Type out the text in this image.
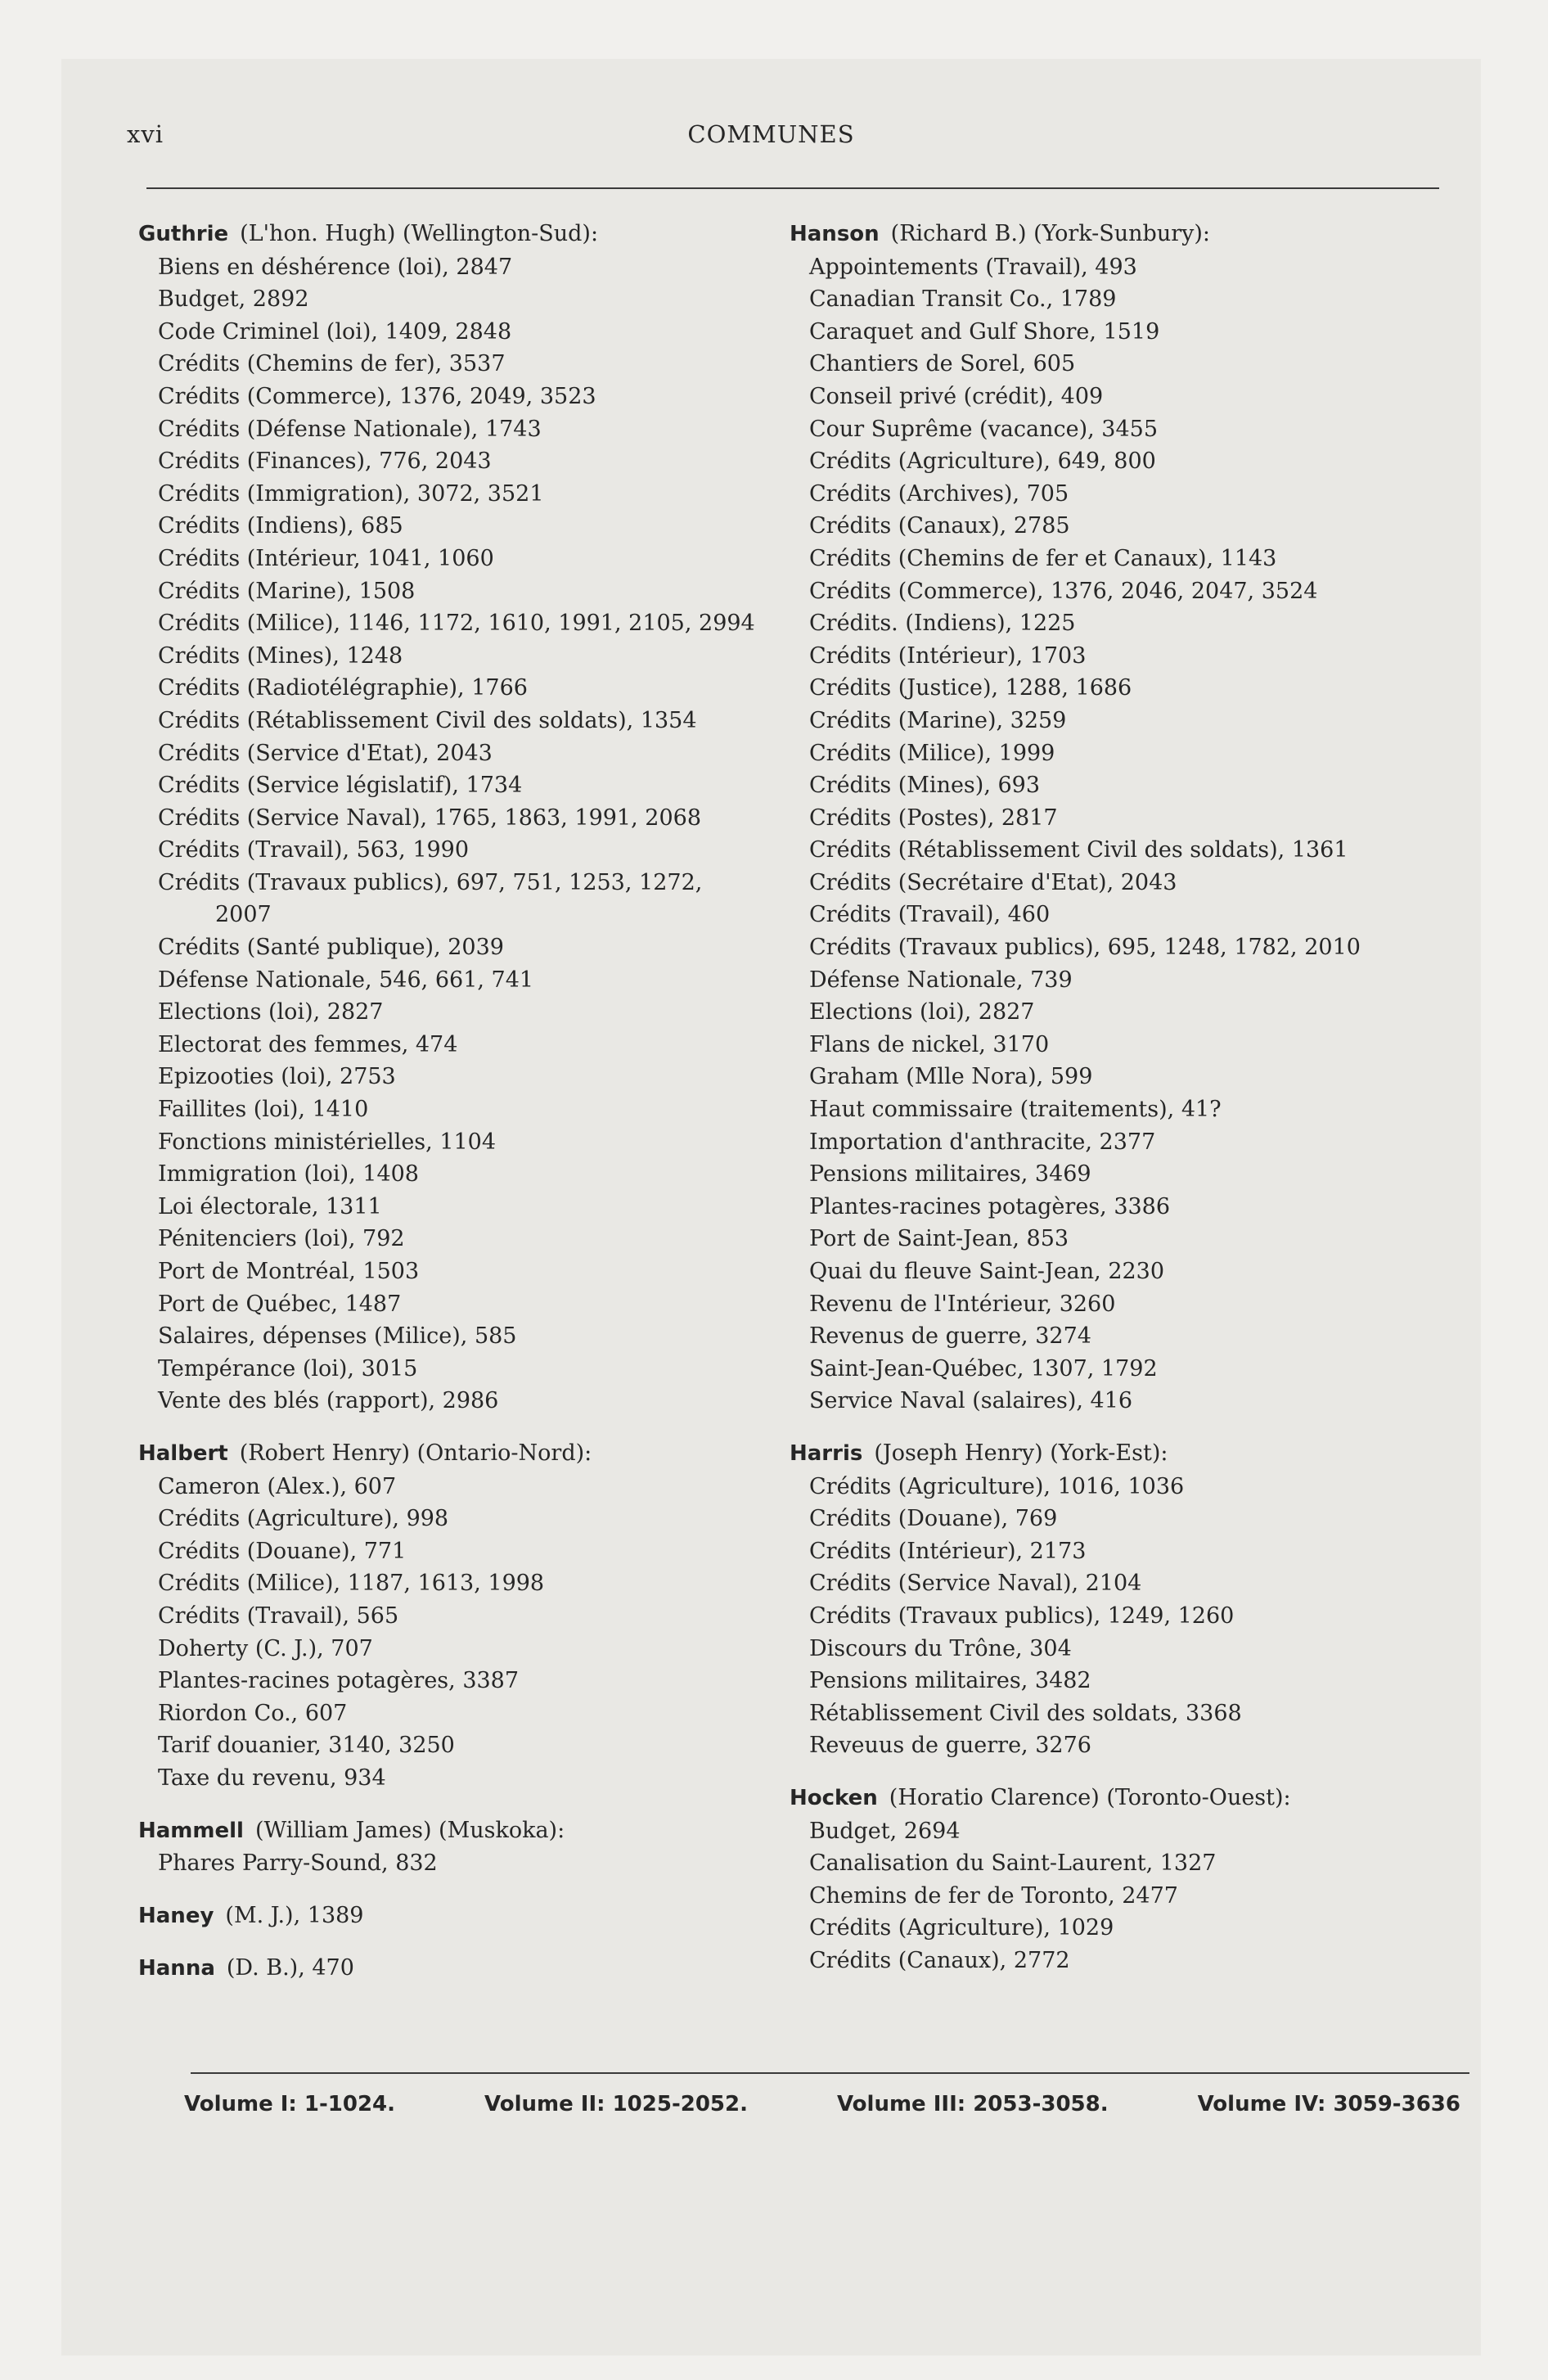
xvi	COMMUNES
Guthrie (L'hon. Hugh) (Wellington-Sud):
Biens en déshérence (loi), 2847
Budget, 2892
Code Criminel (loi), 1409, 2848
Crédits (Chemins de fer), 3537
Crédits (Commerce), 1376, 2049, 3523
Crédits (Défense Nationale), 1743
Crédits (Finances), 776, 2043
Crédits (Immigration), 3072, 3521
Crédits (Indiens), 685
Crédits (Intérieur, 1041, 1060
Crédits (Marine), 1508
Crédits (Milice), 1146, 1172, 1610, 1991, 2105, 2994
Crédits (Mines), 1248
Crédits (Radiotélégraphie), 1766
Crédits (Rétablissement Civil des soldats), 1354
Crédits (Service d'Etat), 2043
Crédits (Service législatif), 1734
Crédits (Service Naval), 1765, 1863, 1991, 2068
Crédits (Travail), 563, 1990
Crédits (Travaux publics), 697, 751, 1253, 1272, 2007
Crédits (Santé publique), 2039
Défense Nationale, 546, 661, 741
Elections (loi), 2827
Electorat des femmes, 474
Epizooties (loi), 2753
Faillites (loi), 1410
Fonctions ministérielles, 1104
Immigration (loi), 1408
Loi électorale, 1311
Pénitenciers (loi), 792
Port de Montréal, 1503
Port de Québec, 1487
Salaires, dépenses (Milice), 585
Tempérance (loi), 3015
Vente des blés (rapport), 2986
Halbert (Robert Henry) (Ontario-Nord):
Cameron (Alex.), 607
Crédits (Agriculture), 998
Crédits (Douane), 771
Crédits (Milice), 1187, 1613, 1998
Crédits (Travail), 565
Doherty (C. J.), 707
Plantes-racines potagères, 3387
Riordon Co., 607
Tarif douanier, 3140, 3250
Taxe du revenu, 934
Hammell (William James) (Muskoka):
Phares Parry-Sound, 832
Haney (M. J.), 1389
Hanna (D. B.), 470
Hanson (Richard B.) (York-Sunbury):
Appointements (Travail), 493
Canadian Transit Co., 1789
Caraquet and Gulf Shore, 1519
Chantiers de Sorel, 605
Conseil privé (crédit), 409
Cour Suprême (vacance), 3455
Crédits (Agriculture), 649, 800
Crédits (Archives), 705
Crédits (Canaux), 2785
Crédits (Chemins de fer et Canaux), 1143
Crédits (Commerce), 1376, 2046, 2047, 3524
Crédits. (Indiens), 1225
Crédits (Intérieur), 1703
Crédits (Justice), 1288, 1686
Crédits (Marine), 3259
Crédits (Milice), 1999
Crédits (Mines), 693
Crédits (Postes), 2817
Crédits (Rétablissement Civil des soldats), 1361
Crédits (Secrétaire d'Etat), 2043
Crédits (Travail), 460
Crédits (Travaux publics), 695, 1248, 1782, 2010
Défense Nationale, 739
Elections (loi), 2827
Flans de nickel, 3170
Graham (Mlle Nora), 599
Haut commissaire (traitements), 41?
Importation d'anthracite, 2377
Pensions militaires, 3469
Plantes-racines potagères, 3386
Port de Saint-Jean, 853
Quai du fleuve Saint-Jean, 2230
Revenu de l'Intérieur, 3260
Revenus de guerre, 3274
Saint-Jean-Québec, 1307, 1792
Service Naval (salaires), 416
Harris (Joseph Henry) (York-Est):
Crédits (Agriculture), 1016, 1036
Crédits (Douane), 769
Crédits (Intérieur), 2173
Crédits (Service Naval), 2104
Crédits (Travaux publics), 1249, 1260
Discours du Trône, 304
Pensions militaires, 3482
Rétablissement Civil des soldats, 3368
Reveuus de guerre, 3276
Hocken (Horatio Clarence) (Toronto-Ouest):
Budget, 2694
Canalisation du Saint-Laurent, 1327
Chemins de fer de Toronto, 2477
Crédits (Agriculture), 1029
Crédits (Canaux), 2772
Volume I: 1-1024.	Volume II: 1025-2052.	Volume III: 2053-3058.	Volume IV: 3059-3636
